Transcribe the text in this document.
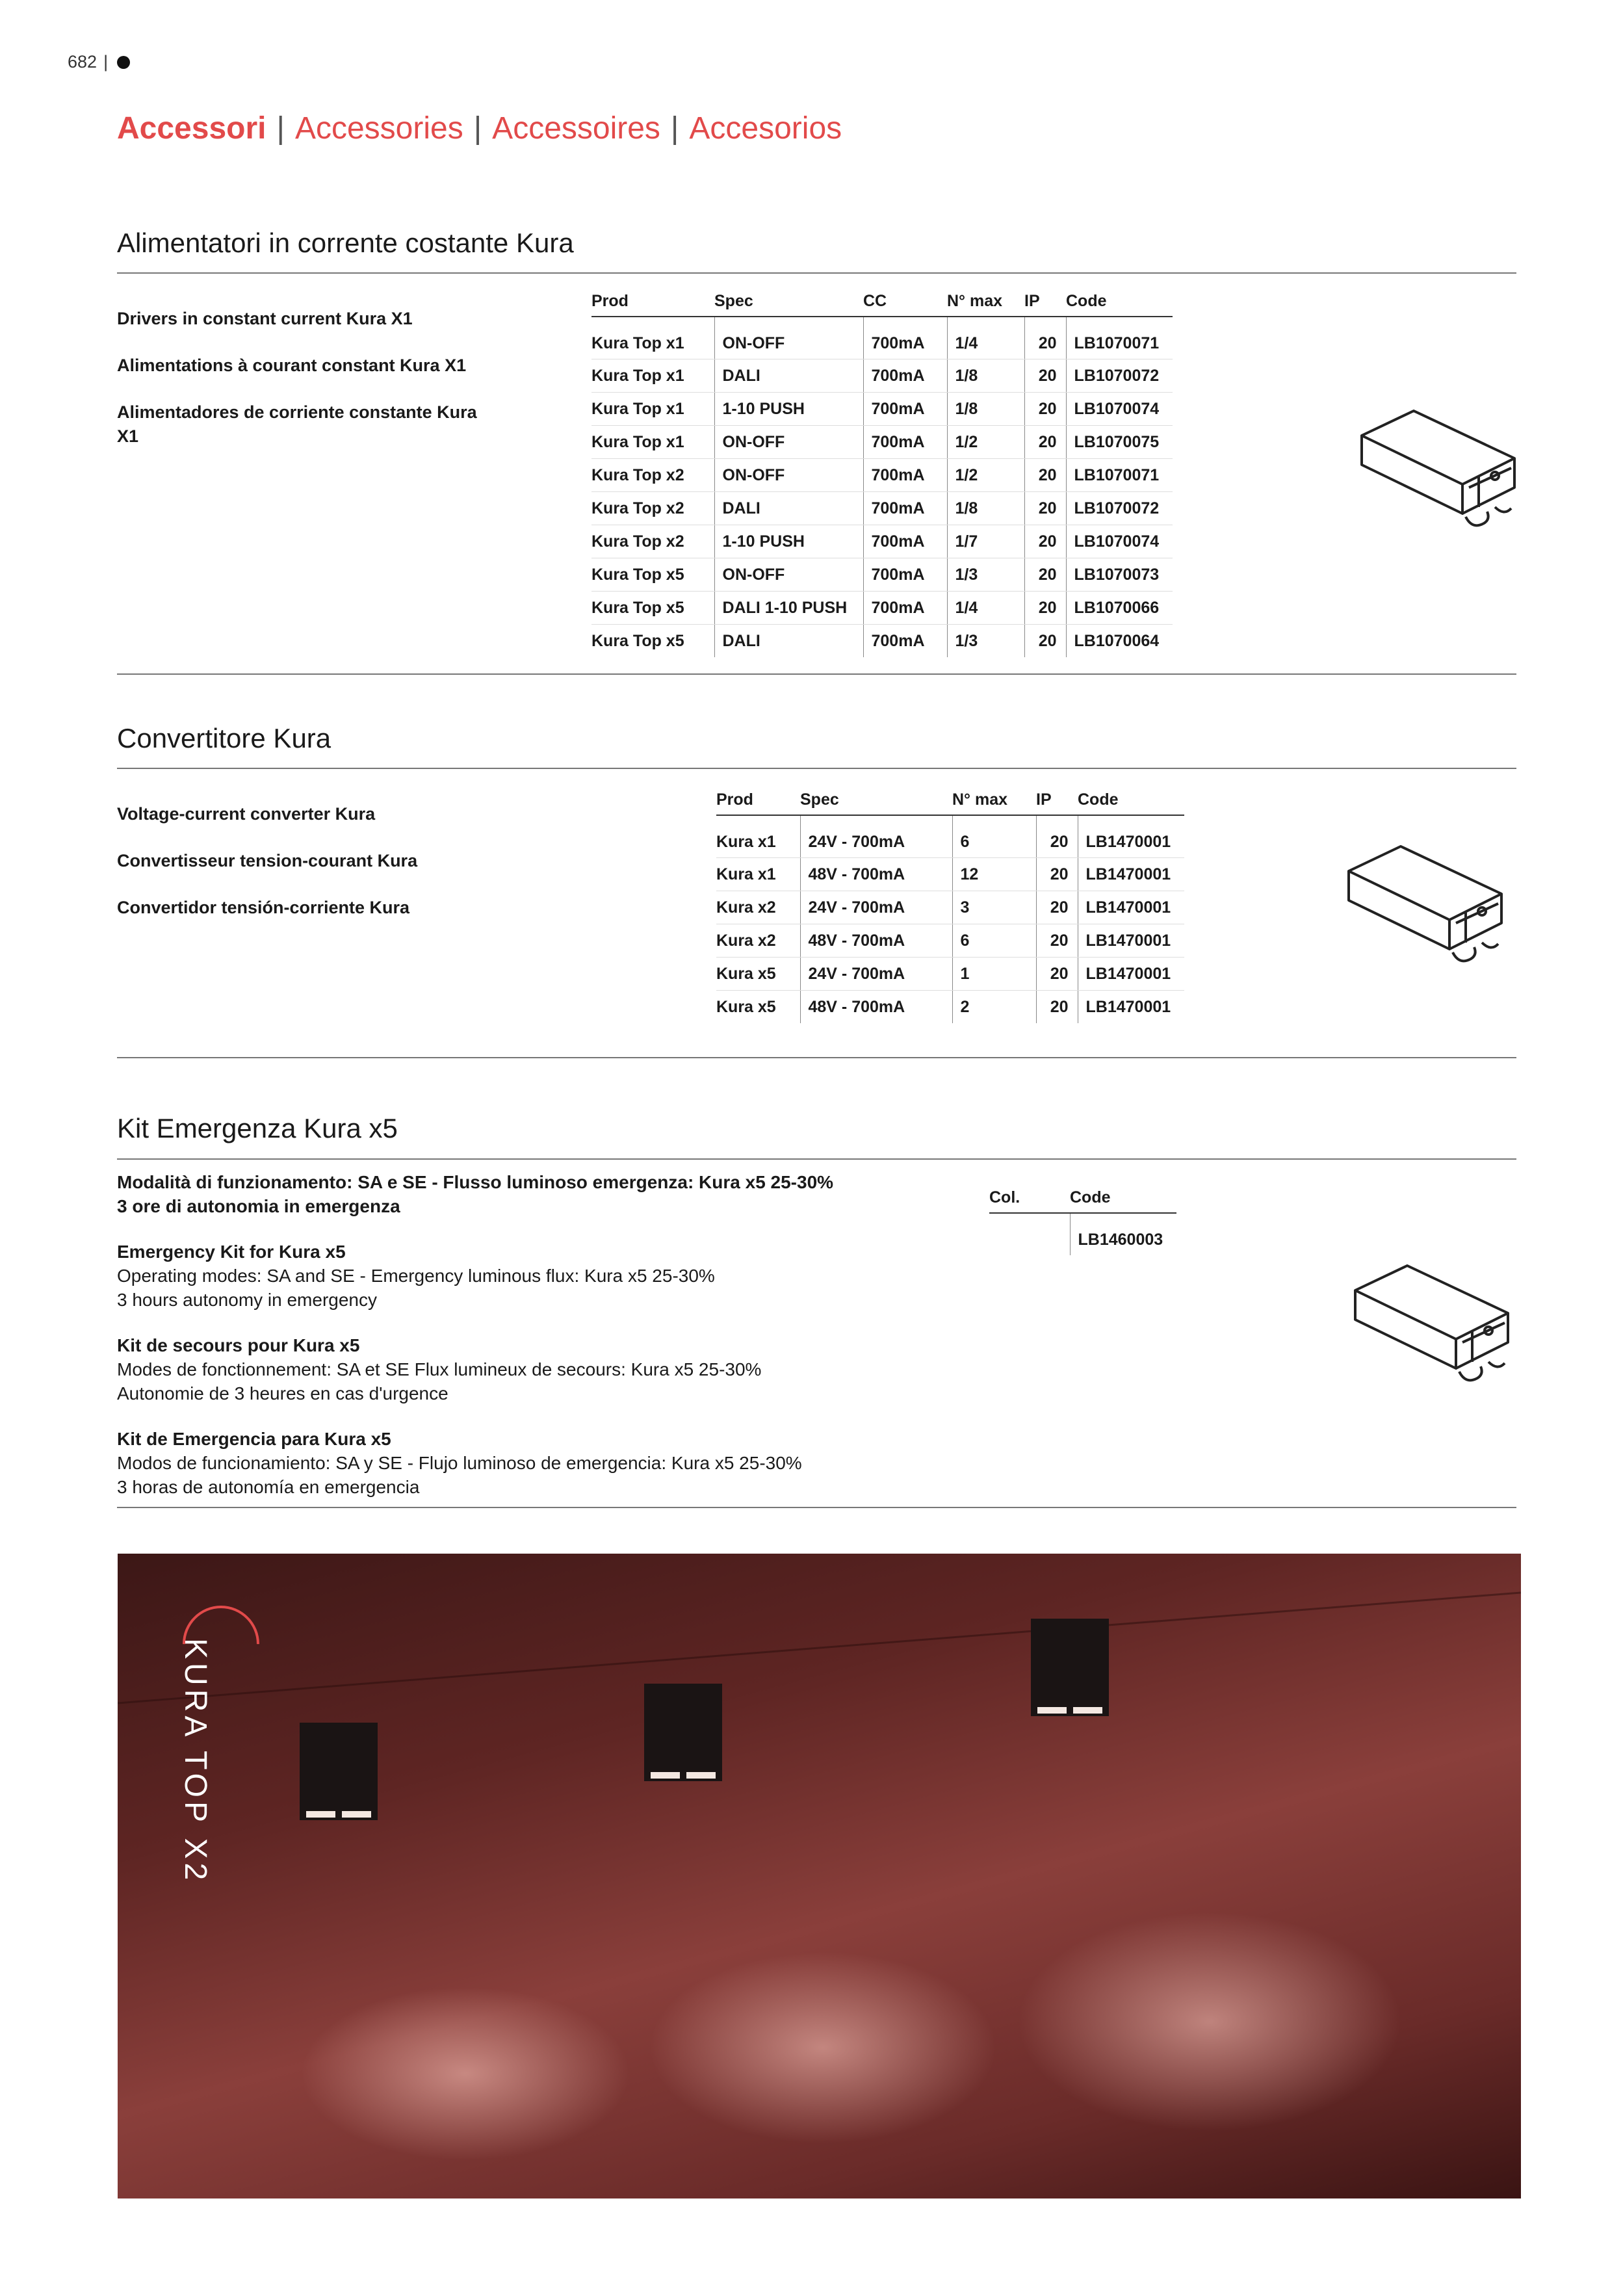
682 |
Accessori | Accessories | Accessoires | Accesorios
Alimentatori in corrente costante Kura

Drivers in constant current Kura X1

Alimentations à courant constant Kura X1

Alimentadores de corriente constante Kura X1

Prod	Spec	CC	N° max	IP	Code
Kura Top x1	ON-OFF	700mA	1/4	20	LB1070071
Kura Top x1	DALI	700mA	1/8	20	LB1070072
Kura Top x1	1-10 PUSH	700mA	1/8	20	LB1070074
Kura Top x1	ON-OFF	700mA	1/2	20	LB1070075
Kura Top x2	ON-OFF	700mA	1/2	20	LB1070071
Kura Top x2	DALI	700mA	1/8	20	LB1070072
Kura Top x2	1-10 PUSH	700mA	1/7	20	LB1070074
Kura Top x5	ON-OFF	700mA	1/3	20	LB1070073
Kura Top x5	DALI 1-10 PUSH	700mA	1/4	20	LB1070066
Kura Top x5	DALI	700mA	1/3	20	LB1070064
Convertitore Kura

Voltage-current converter Kura

Convertisseur tension-courant Kura

Convertidor tensión-corriente Kura

Prod	Spec	N° max	IP	Code
Kura x1	24V - 700mA	6	20	LB1470001
Kura x1	48V - 700mA	12	20	LB1470001
Kura x2	24V - 700mA	3	20	LB1470001
Kura x2	48V - 700mA	6	20	LB1470001
Kura x5	24V - 700mA	1	20	LB1470001
Kura x5	48V - 700mA	2	20	LB1470001
Kit Emergenza Kura x5

Modalità di funzionamento: SA e SE - Flusso luminoso emergenza: Kura x5 25-30%
3 ore di autonomia in emergenza

Emergency Kit for Kura x5
Operating modes: SA and SE - Emergency luminous flux: Kura x5 25-30%
3 hours autonomy in emergency

Kit de secours pour Kura x5
Modes de fonctionnement: SA et SE Flux lumineux de secours: Kura x5 25-30%
Autonomie de 3 heures en cas d'urgence

Kit de Emergencia para Kura x5
Modos de funcionamiento: SA y SE - Flujo luminoso de emergencia: Kura x5 25-30%
3 horas de autonomía en emergencia

Col.	Code
	LB1460003
KURA TOP X2
